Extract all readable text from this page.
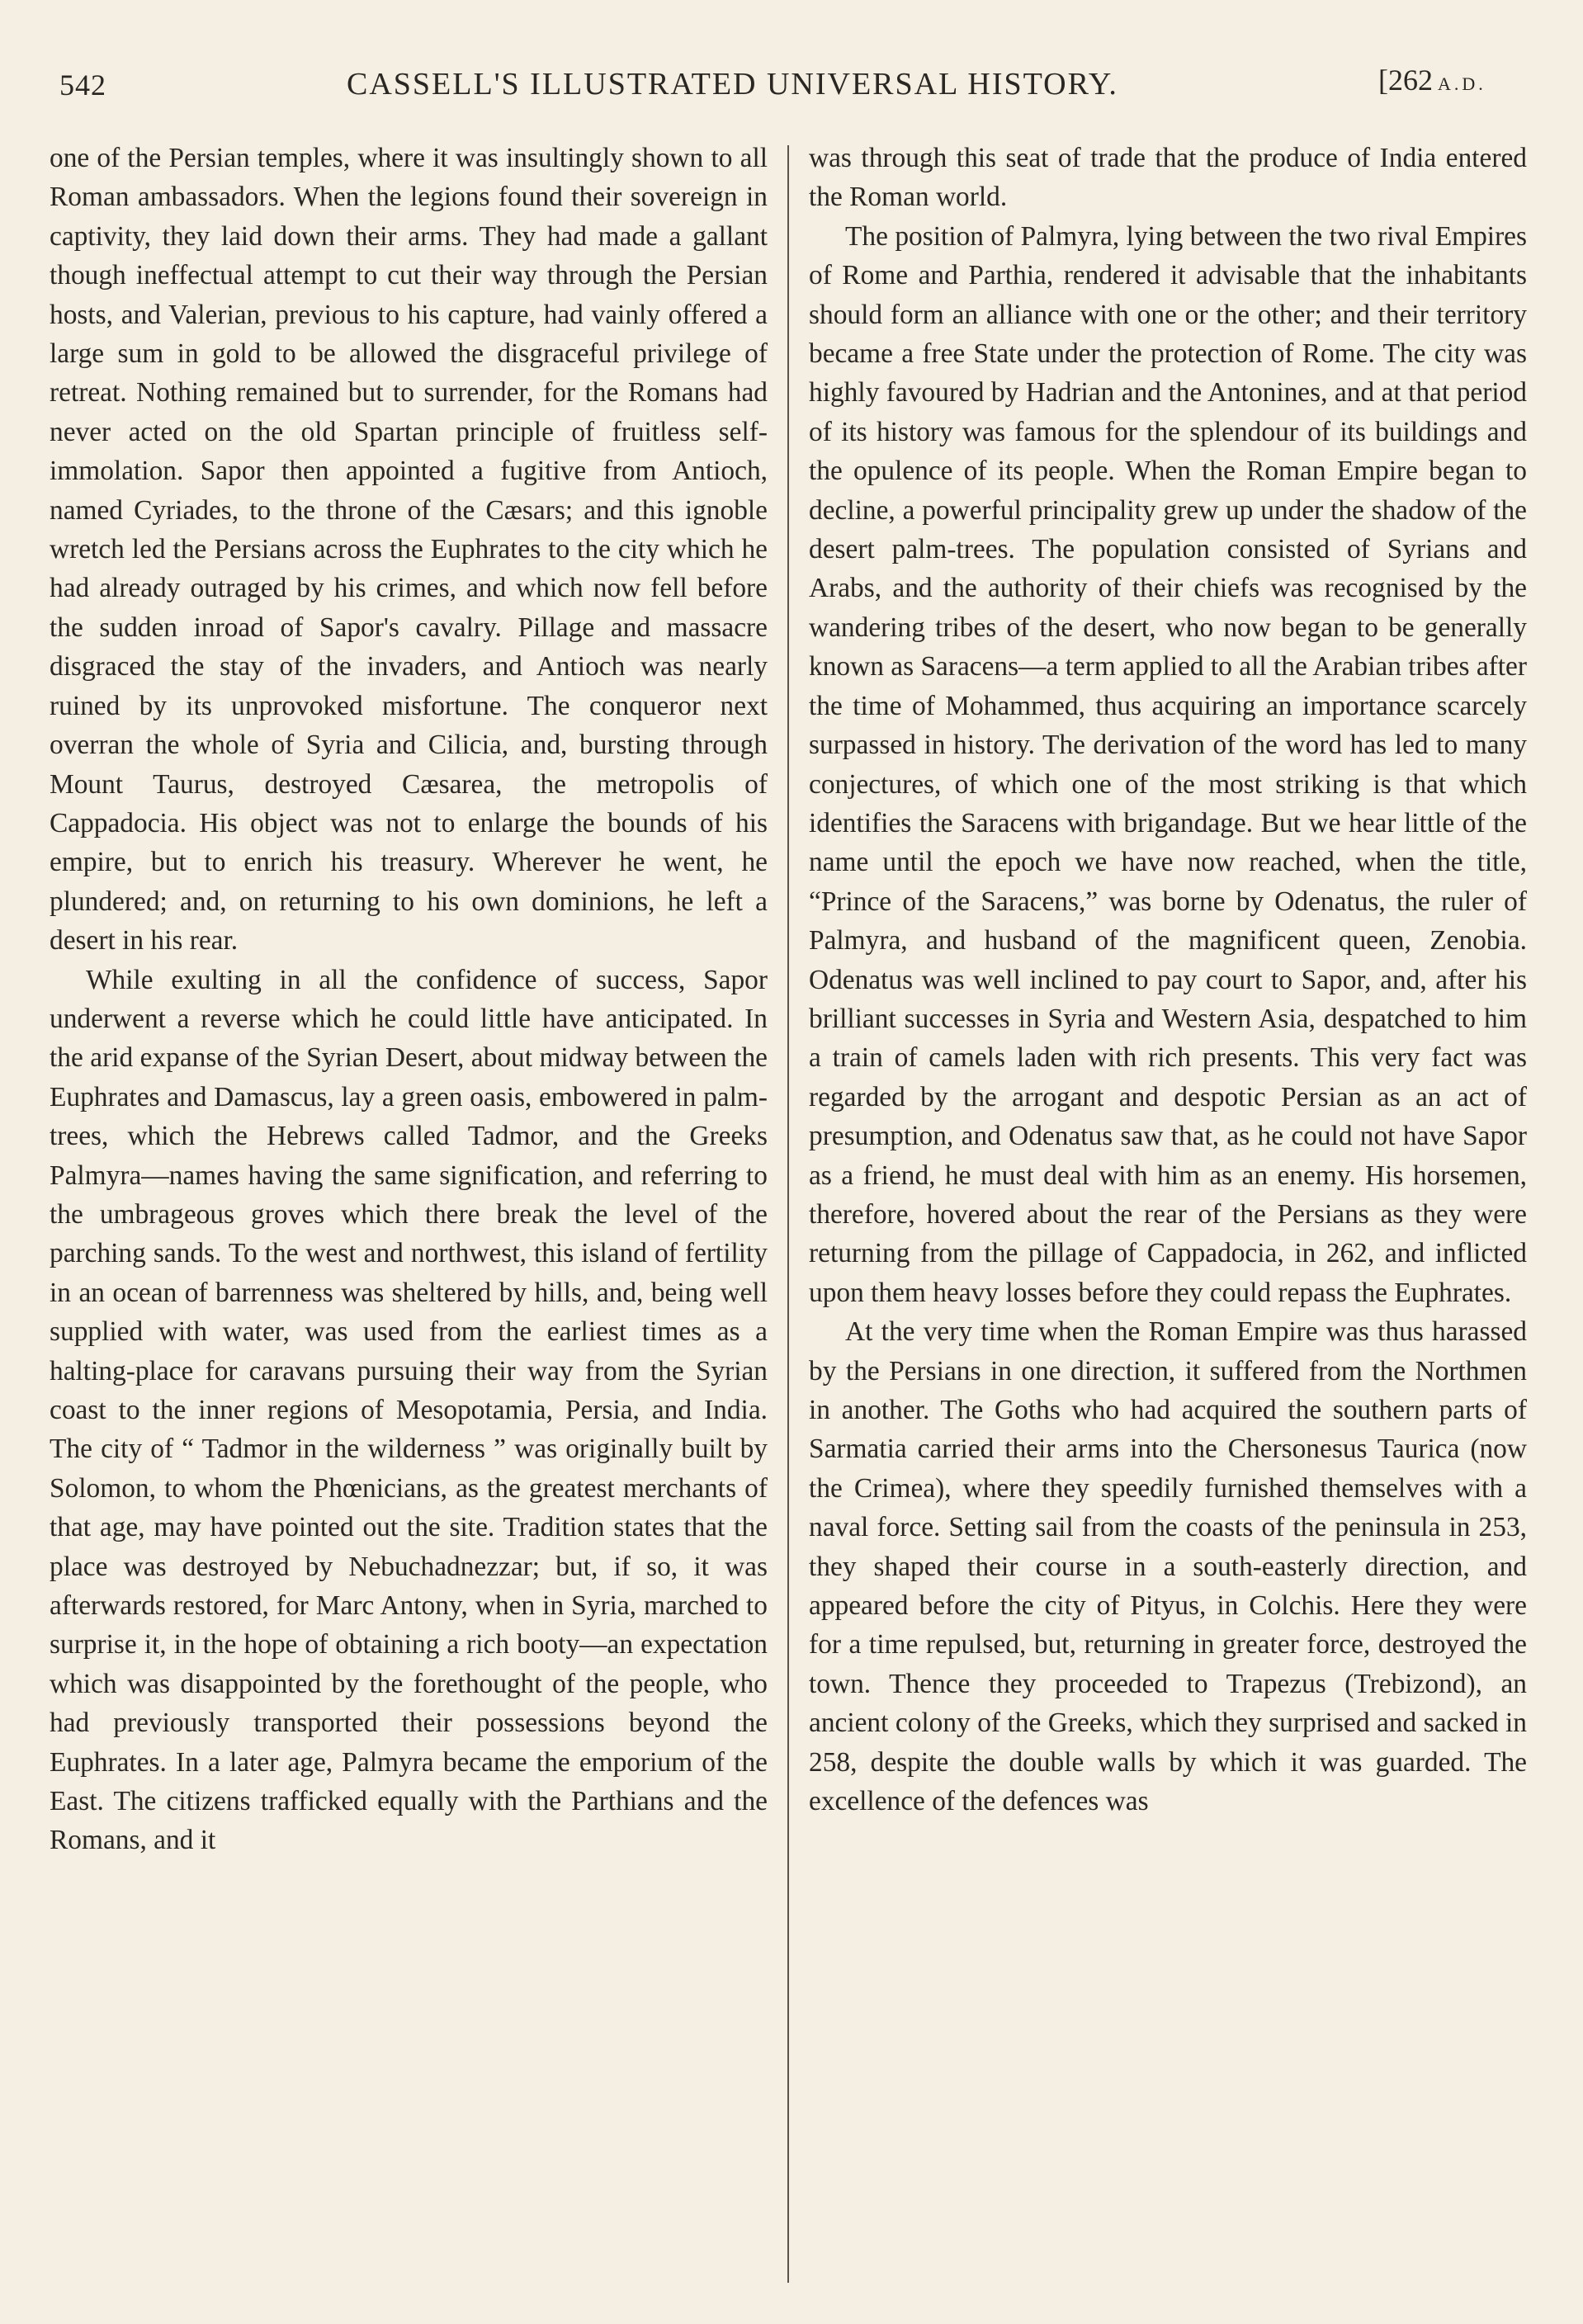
542	CASSELL'S ILLUSTRATED UNIVERSAL HISTORY.	[262 A.D.

one of the Persian temples, where it was insultingly shown to all Roman ambassadors. When the legions found their sovereign in captivity, they laid down their arms. They had made a gallant though ineffectual attempt to cut their way through the Persian hosts, and Valerian, previous to his capture, had vainly offered a large sum in gold to be allowed the disgraceful privilege of retreat. Nothing remained but to surrender, for the Romans had never acted on the old Spartan principle of fruitless self-immolation. Sapor then appointed a fugitive from Antioch, named Cyriades, to the throne of the Cæsars; and this ignoble wretch led the Persians across the Euphrates to the city which he had already outraged by his crimes, and which now fell before the sudden inroad of Sapor's cavalry. Pillage and massacre disgraced the stay of the invaders, and Antioch was nearly ruined by its unprovoked misfortune. The conqueror next overran the whole of Syria and Cilicia, and, bursting through Mount Taurus, destroyed Cæsarea, the metropolis of Cappadocia. His object was not to enlarge the bounds of his empire, but to enrich his treasury. Wherever he went, he plundered; and, on returning to his own dominions, he left a desert in his rear.

While exulting in all the confidence of success, Sapor underwent a reverse which he could little have anticipated. In the arid expanse of the Syrian Desert, about midway between the Euphrates and Damascus, lay a green oasis, embowered in palm-trees, which the Hebrews called Tadmor, and the Greeks Palmyra—names having the same signification, and referring to the umbrageous groves which there break the level of the parching sands. To the west and northwest, this island of fertility in an ocean of barrenness was sheltered by hills, and, being well supplied with water, was used from the earliest times as a halting-place for caravans pursuing their way from the Syrian coast to the inner regions of Mesopotamia, Persia, and India. The city of “ Tadmor in the wilderness ” was originally built by Solomon, to whom the Phœnicians, as the greatest merchants of that age, may have pointed out the site. Tradition states that the place was destroyed by Nebuchadnezzar; but, if so, it was afterwards restored, for Marc Antony, when in Syria, marched to surprise it, in the hope of obtaining a rich booty—an expectation which was disappointed by the forethought of the people, who had previously transported their possessions beyond the Euphrates. In a later age, Palmyra became the emporium of the East. The citizens trafficked equally with the Parthians and the Romans, and it

was through this seat of trade that the produce of India entered the Roman world.

The position of Palmyra, lying between the two rival Empires of Rome and Parthia, rendered it advisable that the inhabitants should form an alliance with one or the other; and their territory became a free State under the protection of Rome. The city was highly favoured by Hadrian and the Antonines, and at that period of its history was famous for the splendour of its buildings and the opulence of its people. When the Roman Empire began to decline, a powerful principality grew up under the shadow of the desert palm-trees. The population consisted of Syrians and Arabs, and the authority of their chiefs was recognised by the wandering tribes of the desert, who now began to be generally known as Saracens—a term applied to all the Arabian tribes after the time of Mohammed, thus acquiring an importance scarcely surpassed in history. The derivation of the word has led to many conjectures, of which one of the most striking is that which identifies the Saracens with brigandage. But we hear little of the name until the epoch we have now reached, when the title, “Prince of the Saracens,” was borne by Odenatus, the ruler of Palmyra, and husband of the magnificent queen, Zenobia. Odenatus was well inclined to pay court to Sapor, and, after his brilliant successes in Syria and Western Asia, despatched to him a train of camels laden with rich presents. This very fact was regarded by the arrogant and despotic Persian as an act of presumption, and Odenatus saw that, as he could not have Sapor as a friend, he must deal with him as an enemy. His horsemen, therefore, hovered about the rear of the Persians as they were returning from the pillage of Cappadocia, in 262, and inflicted upon them heavy losses before they could repass the Euphrates.

At the very time when the Roman Empire was thus harassed by the Persians in one direction, it suffered from the Northmen in another. The Goths who had acquired the southern parts of Sarmatia carried their arms into the Chersonesus Taurica (now the Crimea), where they speedily furnished themselves with a naval force. Setting sail from the coasts of the peninsula in 253, they shaped their course in a south-easterly direction, and appeared before the city of Pityus, in Colchis. Here they were for a time repulsed, but, returning in greater force, destroyed the town. Thence they proceeded to Trapezus (Trebizond), an ancient colony of the Greeks, which they surprised and sacked in 258, despite the double walls by which it was guarded. The excellence of the defences was
